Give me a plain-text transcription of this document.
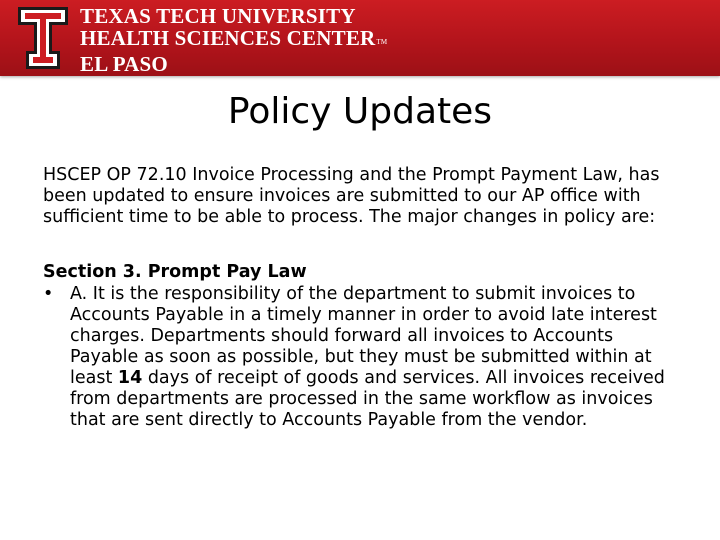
TEXAS TECH UNIVERSITY
HEALTH SCIENCES CENTERTM
EL PASO
Policy Updates
HSCEP OP 72.10 Invoice Processing and the Prompt Payment Law, has been updated to ensure invoices are submitted to our AP office with sufficient time to be able to process. The major changes in policy are:

Section 3. Prompt Pay Law

• A. It is the responsibility of the department to submit invoices to Accounts Payable in a timely manner in order to avoid late interest charges. Departments should forward all invoices to Accounts Payable as soon as possible, but they must be submitted within at least 14 days of receipt of goods and services. All invoices received from departments are processed in the same workflow as invoices that are sent directly to Accounts Payable from the vendor.
